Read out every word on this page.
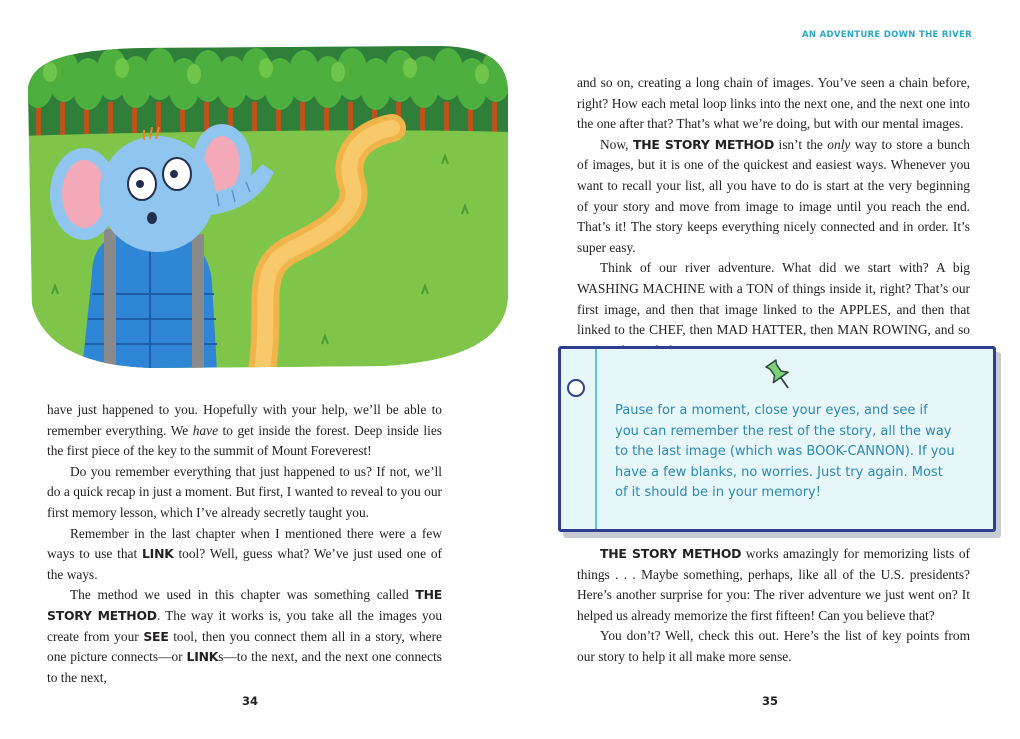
have just happened to you. Hopefully with your help, we’ll be able to remember everything. We have to get inside the forest. Deep inside lies the first piece of the key to the summit of Mount Foreverest!

Do you remember everything that just happened to us? If not, we’ll do a quick recap in just a moment. But first, I wanted to reveal to you our first memory lesson, which I’ve already secretly taught you.

Remember in the last chapter when I mentioned there were a few ways to use that LINK tool? Well, guess what? We’ve just used one of the ways.

The method we used in this chapter was something called THE STORY METHOD. The way it works is, you take all the images you create from your SEE tool, then you connect them all in a story, where one picture connects—or LINKs—to the next, and the next one connects to the next,

34
AN ADVENTURE DOWN THE RIVER

and so on, creating a long chain of images. You’ve seen a chain before, right? How each metal loop links into the next one, and the next one into the one after that? That’s what we’re doing, but with our mental images.

Now, THE STORY METHOD isn’t the only way to store a bunch of images, but it is one of the quickest and easiest ways. Whenever you want to recall your list, all you have to do is start at the very beginning of your story and move from image to image until you reach the end. That’s it! The story keeps everything nicely connected and in order. It’s super easy.

Think of our river adventure. What did we start with? A big WASHING MACHINE with a TON of things inside it, right? That’s our first image, and then that image linked to the APPLES, and then that linked to the CHEF, then MAD HATTER, then MAN ROWING, and so

Pause for a moment, close your eyes, and see if you can remember the rest of the story, all the way to the last image (which was BOOK-CANNON). If you have a few blanks, no worries. Just try again. Most of it should be in your memory!

THE STORY METHOD works amazingly for memorizing lists of things . . . Maybe something, perhaps, like all of the U.S. presidents? Here’s another surprise for you: The river adventure we just went on? It helped us already memorize the first fifteen! Can you believe that?

You don’t? Well, check this out. Here’s the list of key points from our story to help it all make more sense.

35
